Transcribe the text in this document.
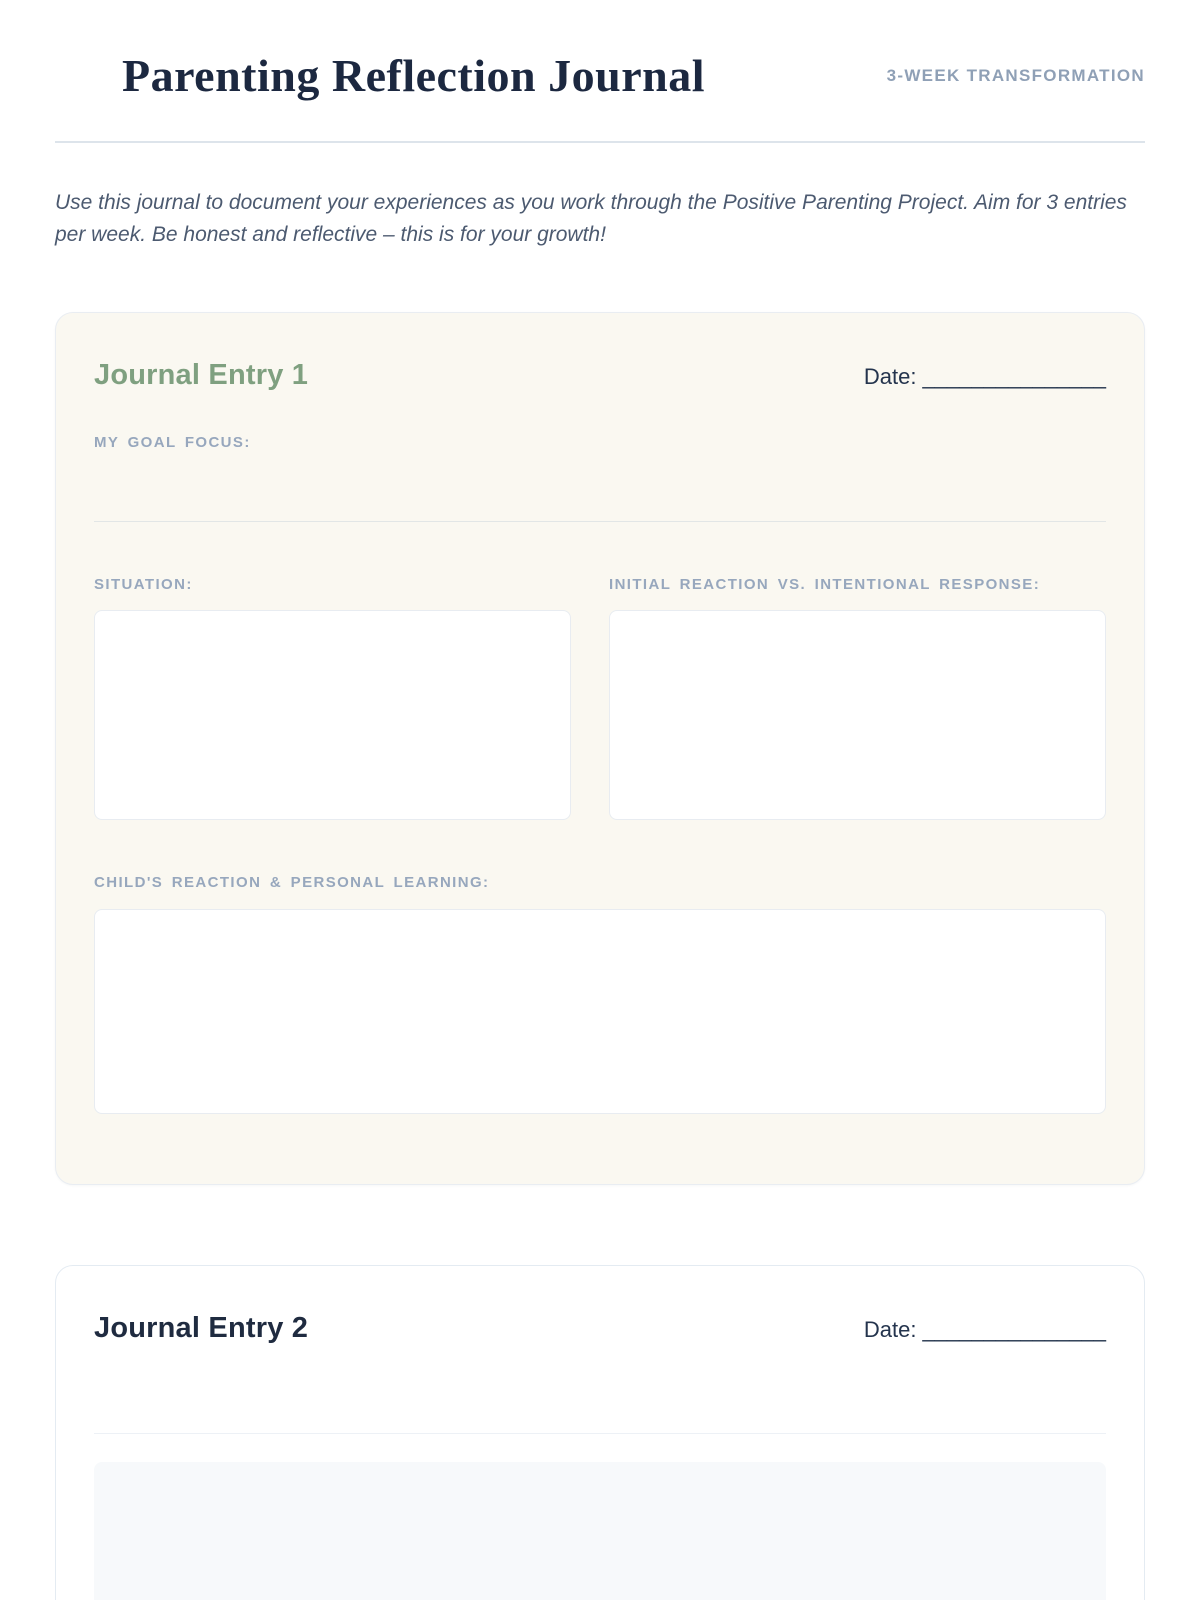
Parenting Reflection Journal	3-WEEK TRANSFORMATION

Use this journal to document your experiences as you work through the Positive Parenting Project. Aim for 3 entries per week. Be honest and reflective – this is for your growth!

Journal Entry 1	Date: _______________
MY GOAL FOCUS:
SITUATION:	INITIAL REACTION VS. INTENTIONAL RESPONSE:
CHILD'S REACTION & PERSONAL LEARNING:
Journal Entry 2	Date: _______________
